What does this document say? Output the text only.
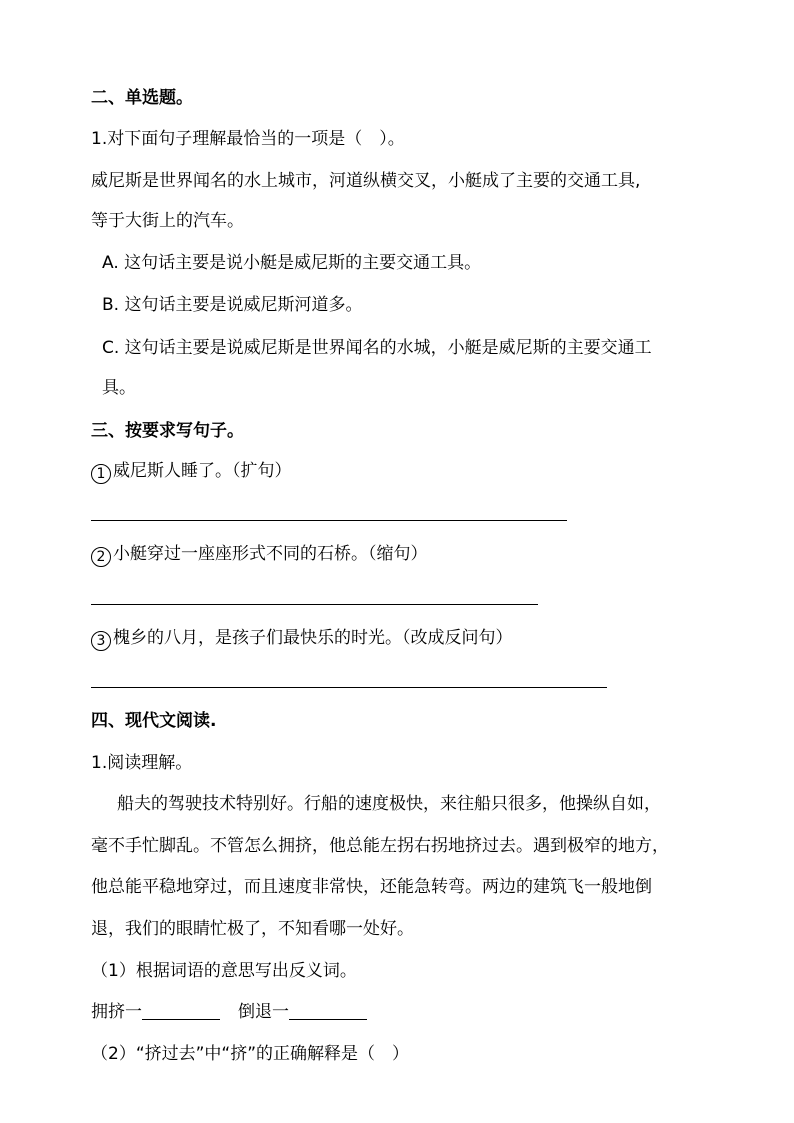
二、单选题。
1.对下面句子理解最恰当的一项是（　）。
威尼斯是世界闻名的水上城市，河道纵横交叉，小艇成了主要的交通工具,
等于大街上的汽车。
A. 这句话主要是说小艇是威尼斯的主要交通工具。
B. 这句话主要是说威尼斯河道多。
C. 这句话主要是说威尼斯是世界闻名的水城，小艇是威尼斯的主要交通工
具。
三、按要求写句子。
1 威尼斯人睡了。（扩句）
2 小艇穿过一座座形式不同的石桥。（缩句）
3 槐乡的八月，是孩子们最快乐的时光。（改成反问句）
四、现代文阅读.
1.阅读理解。
船夫的驾驶技术特别好。行船的速度极快，来往船只很多，他操纵自如，
毫不手忙脚乱。不管怎么拥挤，他总能左拐右拐地挤过去。遇到极窄的地方，
他总能平稳地穿过，而且速度非常快，还能急转弯。两边的建筑飞一般地倒
退，我们的眼睛忙极了，不知看哪一处好。
（1）根据词语的意思写出反义词。
拥挤一	倒退一
（2）“挤过去”中“挤”的正确解释是（　）
